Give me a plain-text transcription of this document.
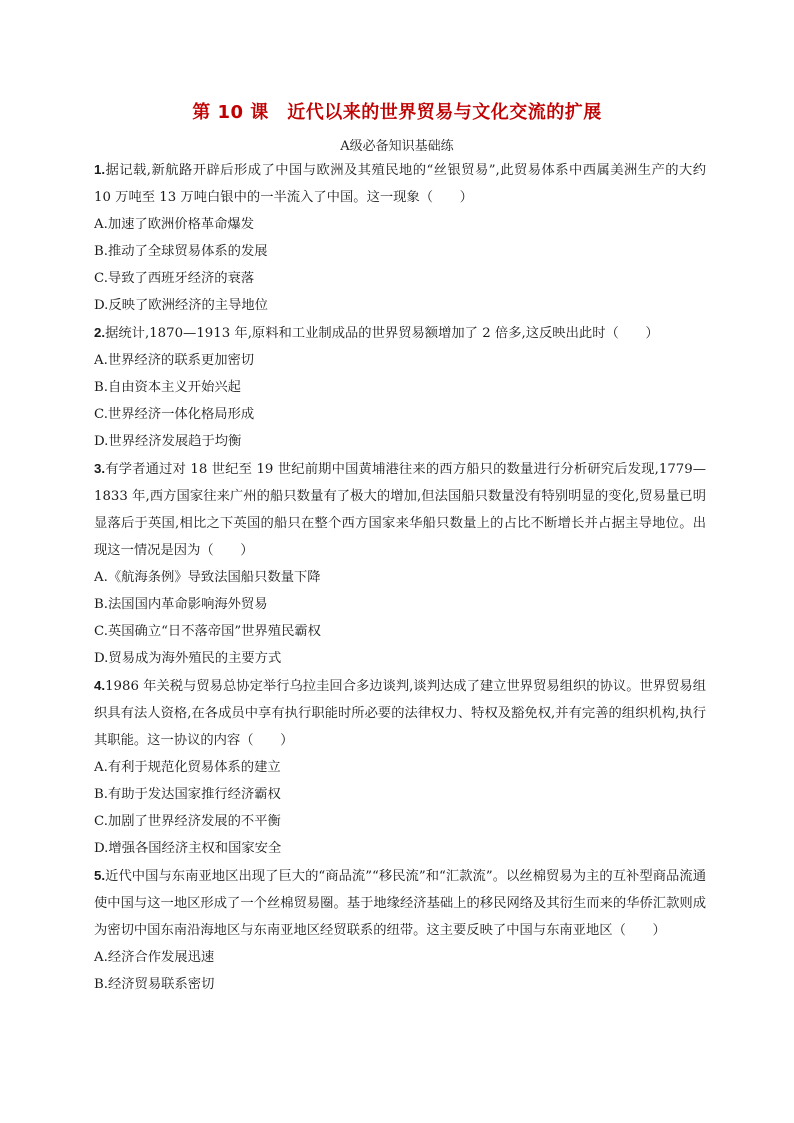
第 10 课　近代以来的世界贸易与文化交流的扩展
A级必备知识基础练

1.据记载,新航路开辟后形成了中国与欧洲及其殖民地的“丝银贸易”,此贸易体系中西属美洲生产的大约 10 万吨至 13 万吨白银中的一半流入了中国。这一现象（　　）

A.加速了欧洲价格革命爆发

B.推动了全球贸易体系的发展

C.导致了西班牙经济的衰落

D.反映了欧洲经济的主导地位

2.据统计,1870—1913 年,原料和工业制成品的世界贸易额增加了 2 倍多,这反映出此时（　　）

A.世界经济的联系更加密切

B.自由资本主义开始兴起

C.世界经济一体化格局形成

D.世界经济发展趋于均衡

3.有学者通过对 18 世纪至 19 世纪前期中国黄埔港往来的西方船只的数量进行分析研究后发现,1779—1833 年,西方国家往来广州的船只数量有了极大的增加,但法国船只数量没有特别明显的变化,贸易量已明显落后于英国,相比之下英国的船只在整个西方国家来华船只数量上的占比不断增长并占据主导地位。出现这一情况是因为（　　）

A.《航海条例》导致法国船只数量下降

B.法国国内革命影响海外贸易

C.英国确立“日不落帝国”世界殖民霸权

D.贸易成为海外殖民的主要方式

4.1986 年关税与贸易总协定举行乌拉圭回合多边谈判,谈判达成了建立世界贸易组织的协议。世界贸易组织具有法人资格,在各成员中享有执行职能时所必要的法律权力、特权及豁免权,并有完善的组织机构,执行其职能。这一协议的内容（　　）

A.有利于规范化贸易体系的建立

B.有助于发达国家推行经济霸权

C.加剧了世界经济发展的不平衡

D.增强各国经济主权和国家安全

5.近代中国与东南亚地区出现了巨大的“商品流”“移民流”和“汇款流”。以丝棉贸易为主的互补型商品流通使中国与这一地区形成了一个丝棉贸易圈。基于地缘经济基础上的移民网络及其衍生而来的华侨汇款则成为密切中国东南沿海地区与东南亚地区经贸联系的纽带。这主要反映了中国与东南亚地区（　　）

A.经济合作发展迅速

B.经济贸易联系密切
